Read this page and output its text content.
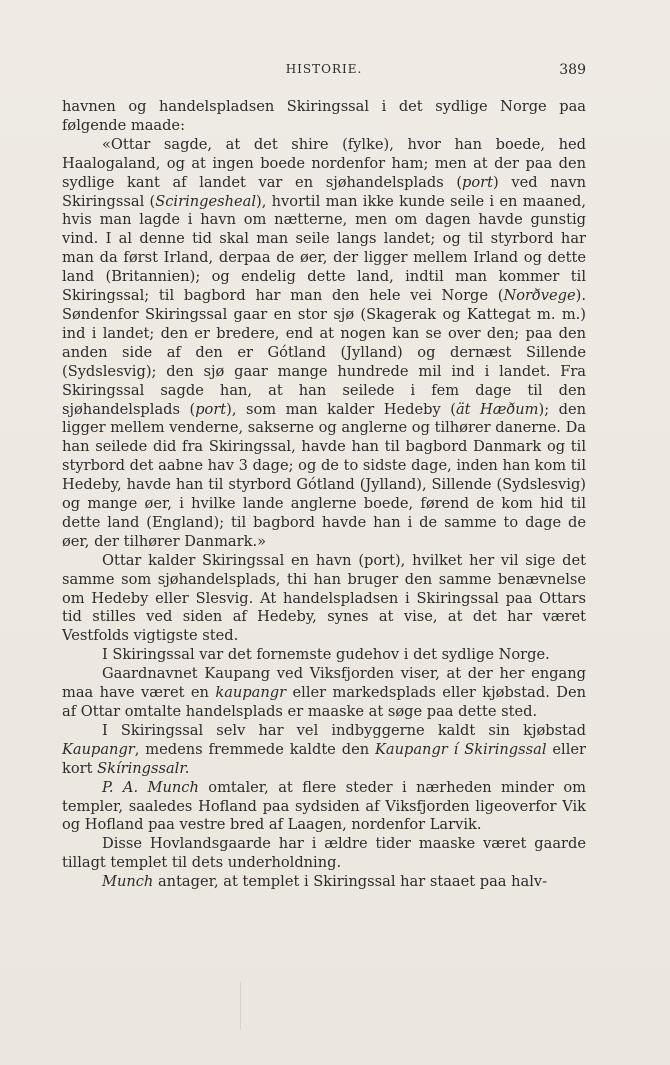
HISTORIE.	389

havnen og handelspladsen Skiringssal i det sydlige Norge paa følgende maade:

«Ottar sagde, at det shire (fylke), hvor han boede, hed Haalogaland, og at ingen boede nordenfor ham; men at der paa den sydlige kant af landet var en sjøhandelsplads (port) ved navn Skiringssal (Sciringesheal), hvortil man ikke kunde seile i en maaned, hvis man lagde i havn om nætterne, men om dagen havde gunstig vind. I al denne tid skal man seile langs landet; og til styrbord har man da først Irland, derpaa de øer, der ligger mellem Irland og dette land (Britannien); og endelig dette land, indtil man kommer til Skiringssal; til bagbord har man den hele vei Norge (Norðvege). Søndenfor Skiringssal gaar en stor sjø (Skagerak og Kattegat m. m.) ind i landet; den er bredere, end at nogen kan se over den; paa den anden side af den er Gótland (Jylland) og dernæst Sillende (Sydslesvig); den sjø gaar mange hundrede mil ind i landet. Fra Skiringssal sagde han, at han seilede i fem dage til den sjøhandelsplads (port), som man kalder Hedeby (ät Hæðum); den ligger mellem venderne, sakserne og anglerne og tilhører danerne. Da han seilede did fra Skiringssal, havde han til bagbord Danmark og til styrbord det aabne hav 3 dage; og de to sidste dage, inden han kom til Hedeby, havde han til styrbord Gótland (Jylland), Sillende (Sydslesvig) og mange øer, i hvilke lande anglerne boede, førend de kom hid til dette land (England); til bagbord havde han i de samme to dage de øer, der tilhører Danmark.»

Ottar kalder Skiringssal en havn (port), hvilket her vil sige det samme som sjøhandelsplads, thi han bruger den samme benævnelse om Hedeby eller Slesvig. At handelspladsen i Skiringssal paa Ottars tid stilles ved siden af Hedeby, synes at vise, at det har været Vestfolds vigtigste sted.

I Skiringssal var det fornemste gudehov i det sydlige Norge.

Gaardnavnet Kaupang ved Viksfjorden viser, at der her engang maa have været en kaupangr eller markedsplads eller kjøbstad. Den af Ottar omtalte handelsplads er maaske at søge paa dette sted.

I Skiringssal selv har vel indbyggerne kaldt sin kjøbstad Kaupangr, medens fremmede kaldte den Kaupangr í Skiringssal eller kort Skíringssalr.

P. A. Munch omtaler, at flere steder i nærheden minder om templer, saaledes Hofland paa sydsiden af Viksfjorden ligeoverfor Vik og Hofland paa vestre bred af Laagen, nordenfor Larvik.

Disse Hovlandsgaarde har i ældre tider maaske været gaarde tillagt templet til dets underholdning.

Munch antager, at templet i Skiringssal har staaet paa halv-
